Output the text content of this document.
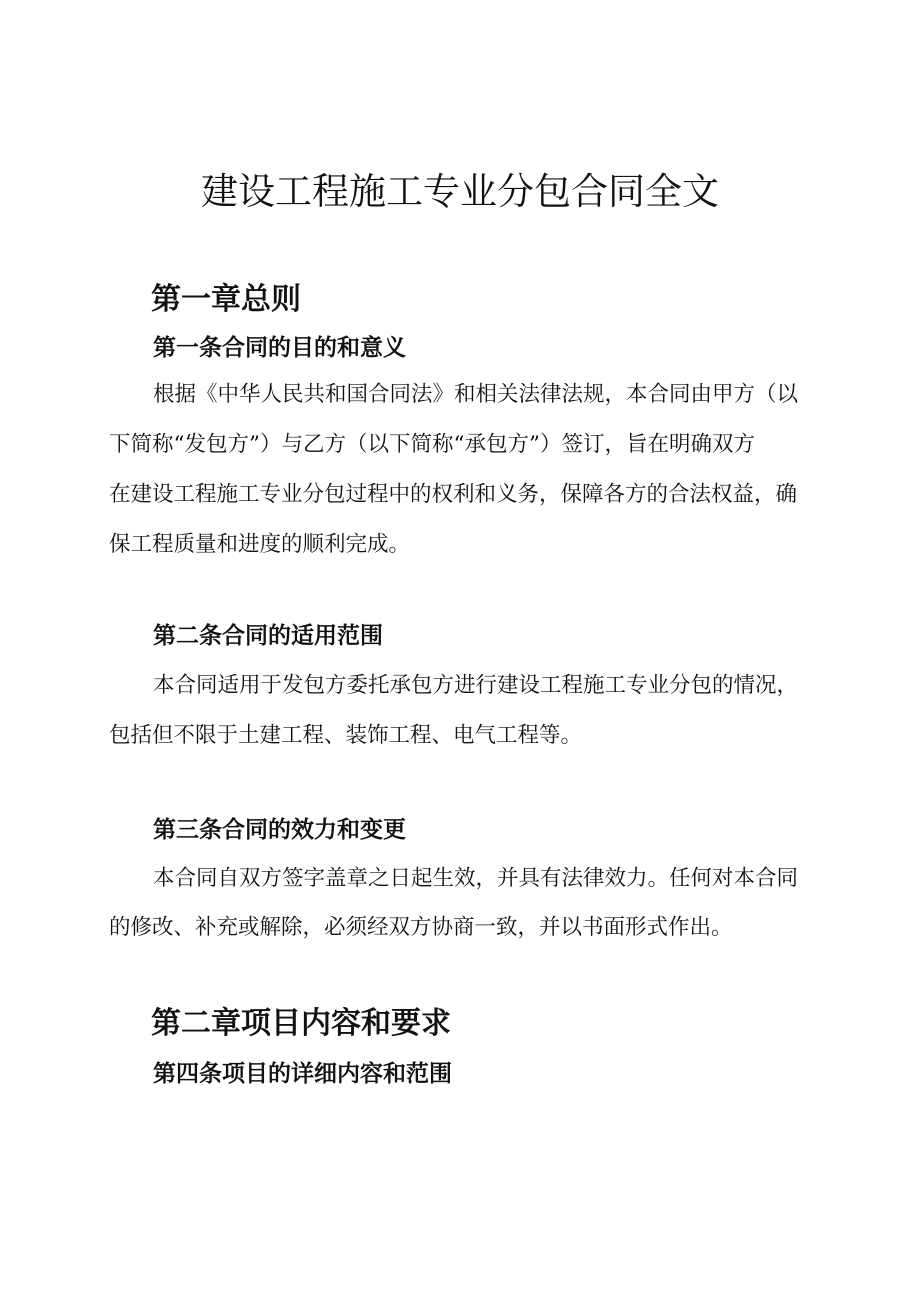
建设工程施工专业分包合同全文
第一章总则
第一条合同的目的和意义

根据《中华人民共和国合同法》和相关法律法规，本合同由甲方（以

下简称“发包方”）与乙方（以下简称“承包方”）签订，旨在明确双方

在建设工程施工专业分包过程中的权利和义务，保障各方的合法权益，确

保工程质量和进度的顺利完成。

第二条合同的适用范围

本合同适用于发包方委托承包方进行建设工程施工专业分包的情况，

包括但不限于土建工程、装饰工程、电气工程等。

第三条合同的效力和变更

本合同自双方签字盖章之日起生效，并具有法律效力。任何对本合同

的修改、补充或解除，必须经双方协商一致，并以书面形式作出。

第二章项目内容和要求
第四条项目的详细内容和范围
